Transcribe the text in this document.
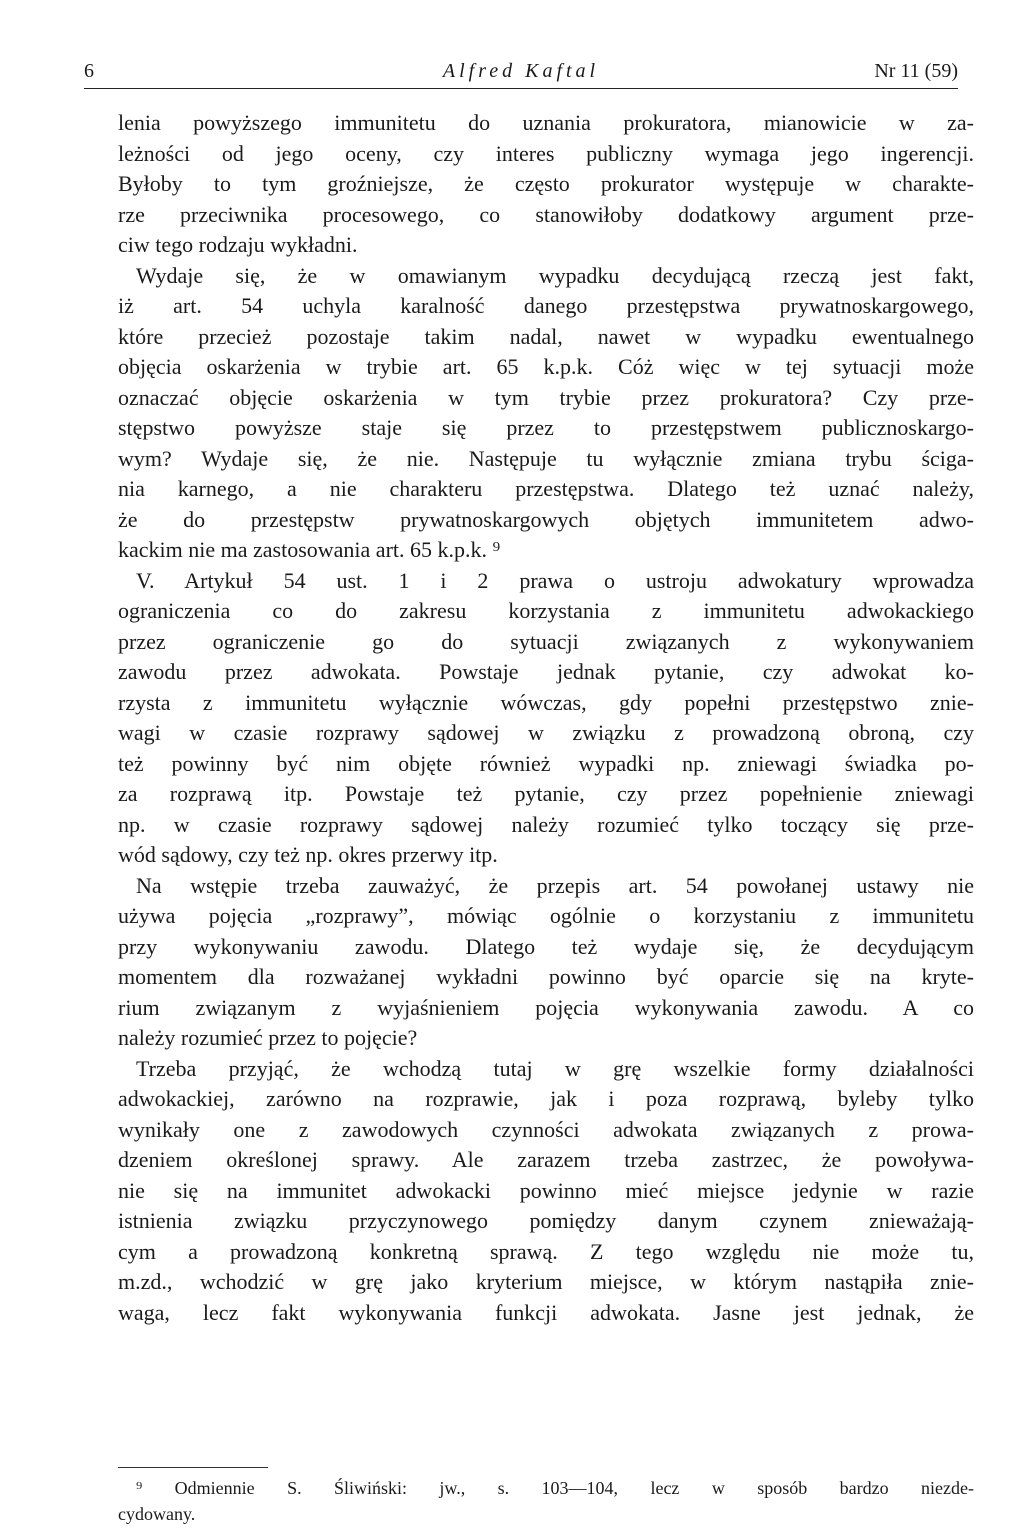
6	Alfred Kaftal	Nr 11 (59)
lenia powyższego immunitetu do uznania prokuratora, mianowicie w za-
leżności od jego oceny, czy interes publiczny wymaga jego ingerencji.
Byłoby to tym groźniejsze, że często prokurator występuje w charakte-
rze przeciwnika procesowego, co stanowiłoby dodatkowy argument prze-
ciw tego rodzaju wykładni.
Wydaje się, że w omawianym wypadku decydującą rzeczą jest fakt,
iż art. 54 uchyla karalność danego przestępstwa prywatnoskargowego,
które przecież pozostaje takim nadal, nawet w wypadku ewentualnego
objęcia oskarżenia w trybie art. 65 k.p.k. Cóż więc w tej sytuacji może
oznaczać objęcie oskarżenia w tym trybie przez prokuratora? Czy prze-
stępstwo powyższe staje się przez to przestępstwem publicznoskargo-
wym? Wydaje się, że nie. Następuje tu wyłącznie zmiana trybu ściga-
nia karnego, a nie charakteru przestępstwa. Dlatego też uznać należy,
że do przestępstw prywatnoskargowych objętych immunitetem adwo-
kackim nie ma zastosowania art. 65 k.p.k. ⁹
V. Artykuł 54 ust. 1 i 2 prawa o ustroju adwokatury wprowadza
ograniczenia co do zakresu korzystania z immunitetu adwokackiego
przez ograniczenie go do sytuacji związanych z wykonywaniem
zawodu przez adwokata. Powstaje jednak pytanie, czy adwokat ko-
rzysta z immunitetu wyłącznie wówczas, gdy popełni przestępstwo znie-
wagi w czasie rozprawy sądowej w związku z prowadzoną obroną, czy
też powinny być nim objęte również wypadki np. zniewagi świadka po-
za rozprawą itp. Powstaje też pytanie, czy przez popełnienie zniewagi
np. w czasie rozprawy sądowej należy rozumieć tylko toczący się prze-
wód sądowy, czy też np. okres przerwy itp.
Na wstępie trzeba zauważyć, że przepis art. 54 powołanej ustawy nie
używa pojęcia „rozprawy”, mówiąc ogólnie o korzystaniu z immunitetu
przy wykonywaniu zawodu. Dlatego też wydaje się, że decydującym
momentem dla rozważanej wykładni powinno być oparcie się na kryte-
rium związanym z wyjaśnieniem pojęcia wykonywania zawodu. A co
należy rozumieć przez to pojęcie?
Trzeba przyjąć, że wchodzą tutaj w grę wszelkie formy działalności
adwokackiej, zarówno na rozprawie, jak i poza rozprawą, byleby tylko
wynikały one z zawodowych czynności adwokata związanych z prowa-
dzeniem określonej sprawy. Ale zarazem trzeba zastrzec, że powoływa-
nie się na immunitet adwokacki powinno mieć miejsce jedynie w razie
istnienia związku przyczynowego pomiędzy danym czynem znieważają-
cym a prowadzoną konkretną sprawą. Z tego względu nie może tu,
m.zd., wchodzić w grę jako kryterium miejsce, w którym nastąpiła znie-
waga, lecz fakt wykonywania funkcji adwokata. Jasne jest jednak, że
⁹ Odmiennie S. Śliwiński: jw., s. 103—104, lecz w sposób bardzo niezde-
cydowany.
